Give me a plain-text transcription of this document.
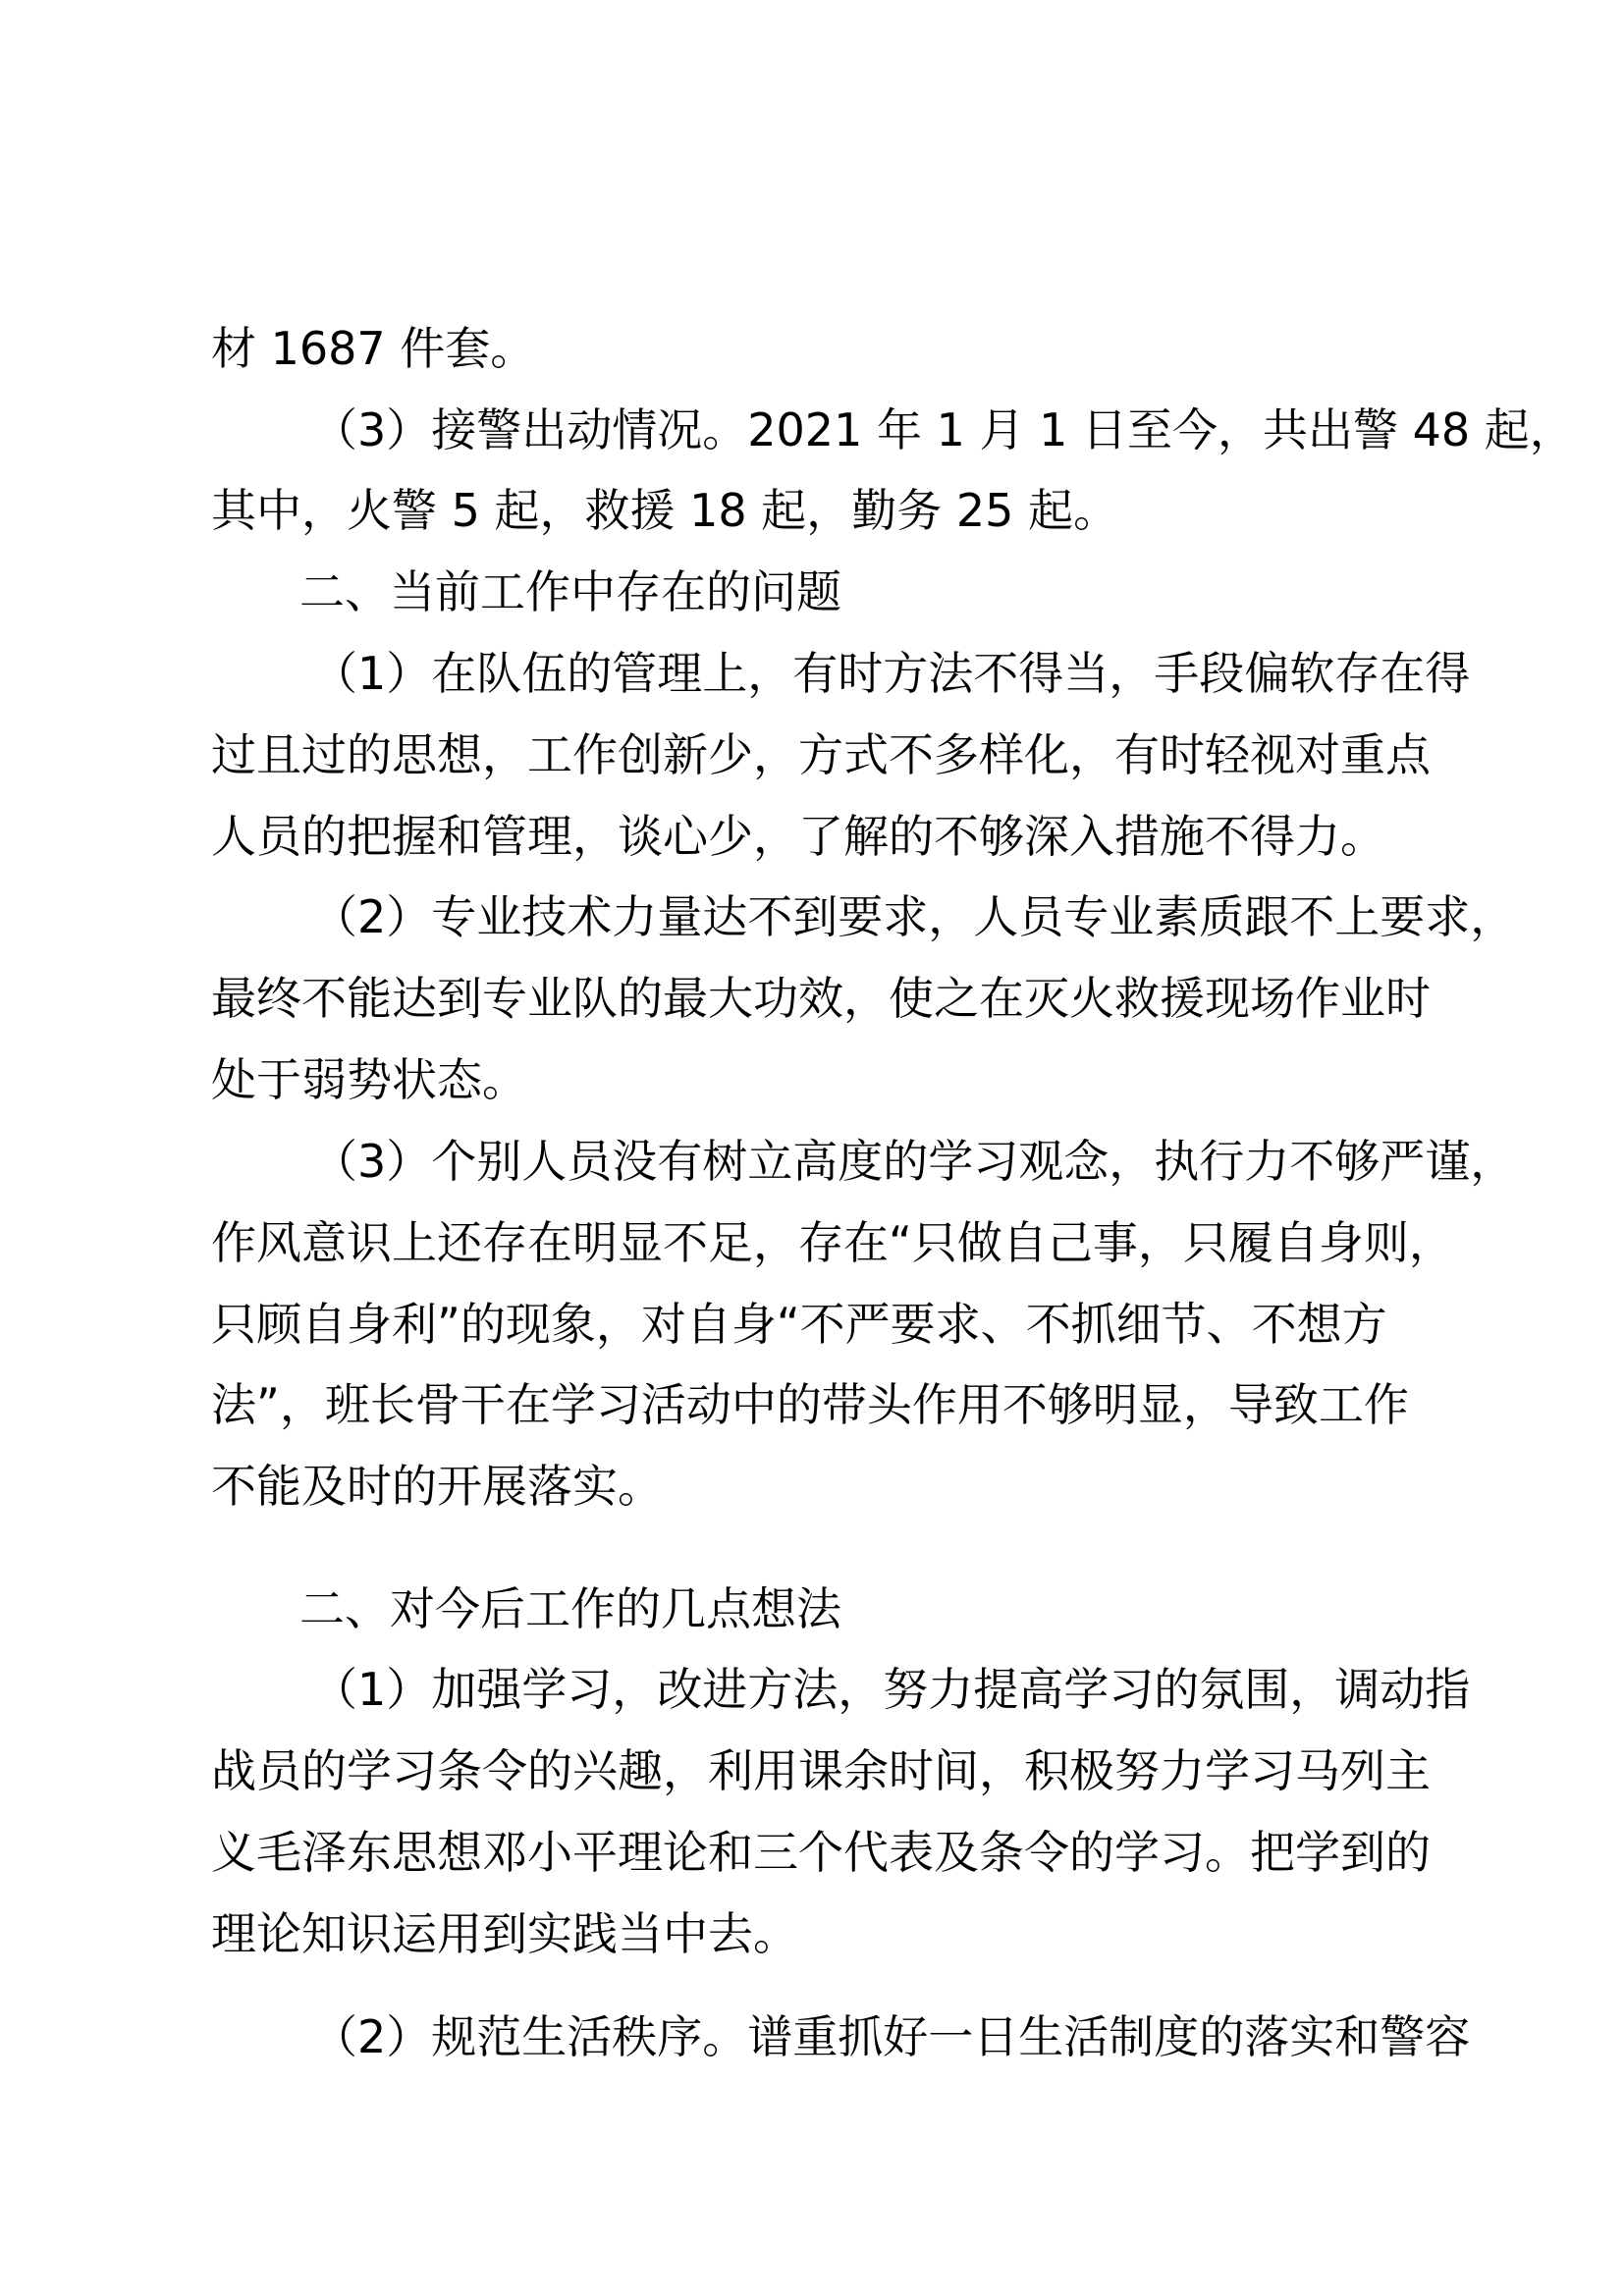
材 1687 件套。

（3）接警出动情况。2021 年 1 月 1 日至今，共出警 48 起，

其中，火警 5 起，救援 18 起，勤务 25 起。

二、当前工作中存在的问题

（1）在队伍的管理上，有时方法不得当，手段偏软存在得

过且过的思想，工作创新少，方式不多样化，有时轻视对重点

人员的把握和管理，谈心少，了解的不够深入措施不得力。

（2）专业技术力量达不到要求，人员专业素质跟不上要求，

最终不能达到专业队的最大功效，使之在灭火救援现场作业时

处于弱势状态。

（3）个别人员没有树立高度的学习观念，执行力不够严谨，

作风意识上还存在明显不足，存在“只做自己事，只履自身则，

只顾自身利”的现象，对自身“不严要求、不抓细节、不想方

法”，班长骨干在学习活动中的带头作用不够明显，导致工作

不能及时的开展落实。

二、对今后工作的几点想法

（1）加强学习，改进方法，努力提高学习的氛围，调动指

战员的学习条令的兴趣，利用课余时间，积极努力学习马列主

义毛泽东思想邓小平理论和三个代表及条令的学习。把学到的

理论知识运用到实践当中去。

（2）规范生活秩序。谱重抓好一日生活制度的落实和警容
